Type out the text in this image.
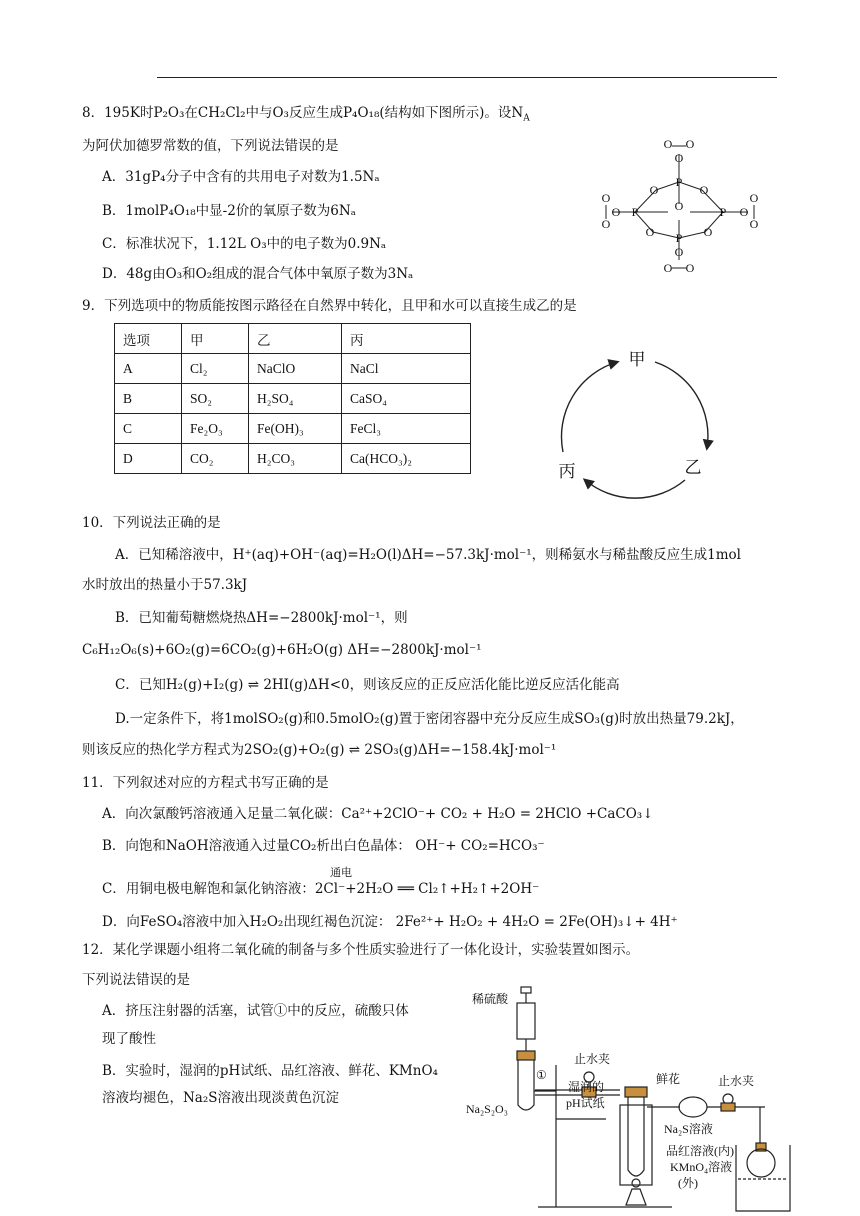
8．195K时P₂O₃在CH₂Cl₂中与O₃反应生成P₄O₁₈(结构如下图所示)。设$N_A$
为阿伏加德罗常数的值，下列说法错误的是
A．31gP₄分子中含有的共用电子对数为1.5Nₐ
B．1molP₄O₁₈中显-2价的氧原子数为6Nₐ
C．标准状况下，1.12L O₃中的电子数为0.9Nₐ
D．48g由O₃和O₂组成的混合气体中氧原子数为3Nₐ
P
P	P
P
O O
O
O	O
O
O
O
O
O
O
O
O	O
O
O O
9．下列选项中的物质能按图示路径在自然界中转化，且甲和水可以直接生成乙的是
选项	甲	乙	丙
A	Cl₂	NaClO	NaCl
B	SO₂	H₂SO₄	CaSO₄
C	Fe₂O₃	Fe(OH)₃	FeCl₃
D	CO₂	H₂CO₃	Ca(HCO₃)₂
甲
乙
丙
10．下列说法正确的是
A．已知稀溶液中，H⁺(aq)+OH⁻(aq)=H₂O(l)ΔH=−57.3kJ·mol⁻¹，则稀氨水与稀盐酸反应生成1mol
水时放出的热量小于57.3kJ
B．已知葡萄糖燃烧热ΔH=−2800kJ·mol⁻¹，则
C₆H₁₂O₆(s)+6O₂(g)=6CO₂(g)+6H₂O(g) ΔH=−2800kJ·mol⁻¹
C．已知H₂(g)+I₂(g) ⇌ 2HI(g)ΔH<0，则该反应的正反应活化能比逆反应活化能高
D.一定条件下，将1molSO₂(g)和0.5molO₂(g)置于密闭容器中充分反应生成SO₃(g)时放出热量79.2kJ，
则该反应的热化学方程式为2SO₂(g)+O₂(g) ⇌ 2SO₃(g)ΔH=−158.4kJ·mol⁻¹
11．下列叙述对应的方程式书写正确的是
A．向次氯酸钙溶液通入足量二氧化碳：Ca²⁺+2ClO⁻+ CO₂ + H₂O = 2HClO +CaCO₃↓
B．向饱和NaOH溶液通入过量CO₂析出白色晶体： OH⁻+ CO₂=HCO₃⁻
通电
C．用铜电极电解饱和氯化钠溶液：2Cl⁻+2H₂O ══ Cl₂↑+H₂↑+2OH⁻
D．向FeSO₄溶液中加入H₂O₂出现红褐色沉淀： 2Fe²⁺+ H₂O₂ + 4H₂O = 2Fe(OH)₃↓+ 4H⁺
12．某化学课题小组将二氧化硫的制备与多个性质实验进行了一体化设计，实验装置如图示。
下列说法错误的是
A．挤压注射器的活塞，试管①中的反应，硫酸只体
现了酸性
B．实验时，湿润的pH试纸、品红溶液、鲜花、KMnO₄
溶液均褪色，Na₂S溶液出现淡黄色沉淀
稀硫酸
止水夹
Na₂S₂O₃
①
湿润的
pH试纸
鲜花	止水夹
Na₂S溶液
品红溶液(内)
KMnO₄溶液
(外)
